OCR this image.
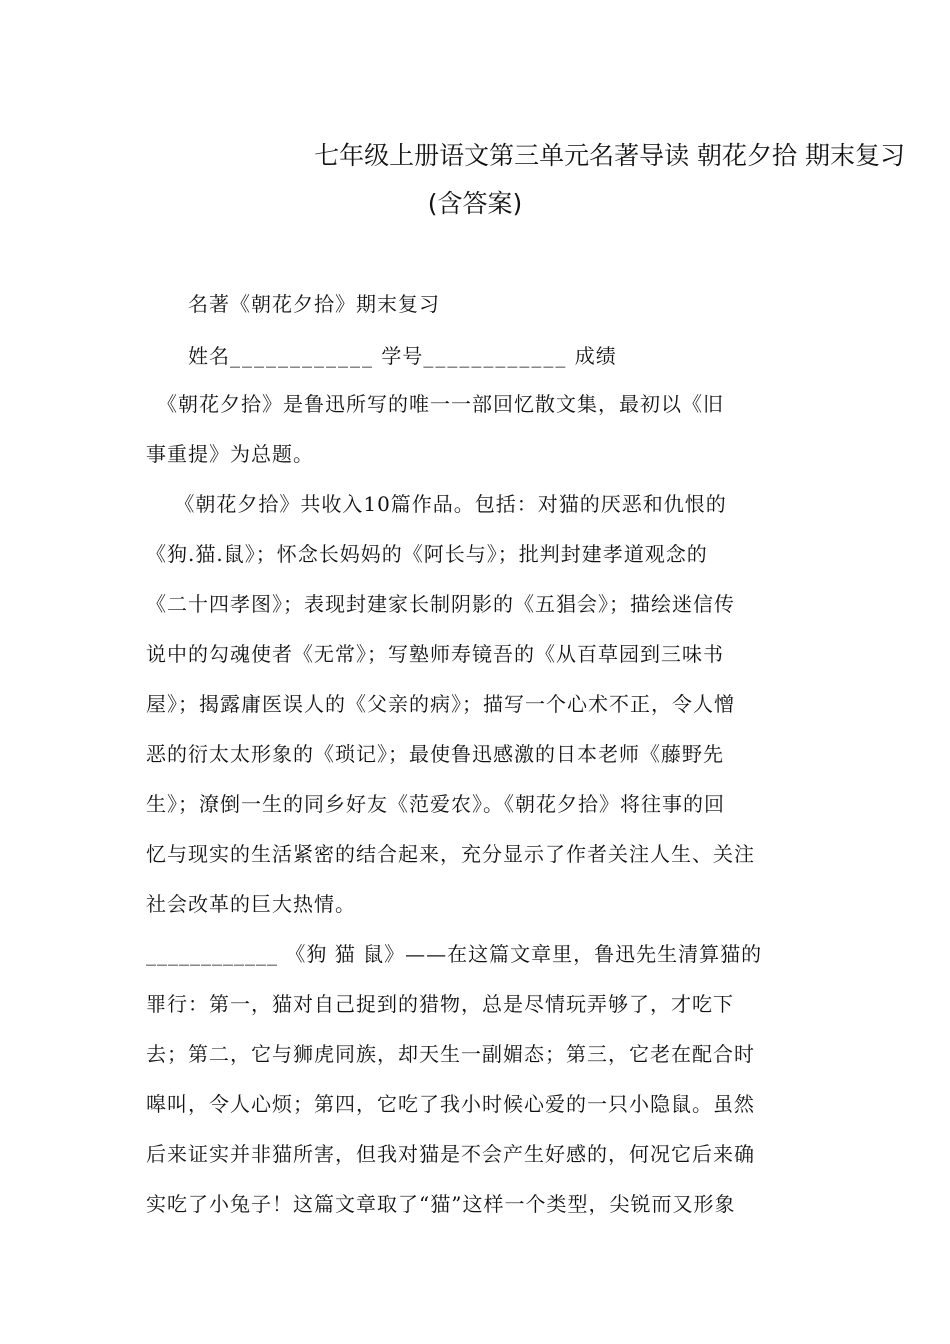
七年级上册语文第三单元名著导读 朝花夕拾 期末复习
(含答案)
名著《朝花夕拾》期末复习
姓名____________ 学号____________ 成绩
　《朝花夕拾》是鲁迅所写的唯一一部回忆散文集，最初以《旧
事重提》为总题。
　 《朝花夕拾》共收入10篇作品。包括：对猫的厌恶和仇恨的
《狗.猫.鼠》；怀念长妈妈的《阿长与》；批判封建孝道观念的
《二十四孝图》；表现封建家长制阴影的《五猖会》；描绘迷信传
说中的勾魂使者《无常》；写塾师寿镜吾的《从百草园到三味书
屋》；揭露庸医误人的《父亲的病》；描写一个心术不正，令人憎
恶的衍太太形象的《琐记》；最使鲁迅感激的日本老师《藤野先
生》；潦倒一生的同乡好友《范爱农》。《朝花夕拾》将往事的回
忆与现实的生活紧密的结合起来，充分显示了作者关注人生、关注
社会改革的巨大热情。
____________ 《狗 猫 鼠》——在这篇文章里，鲁迅先生清算猫的
罪行：第一，猫对自己捉到的猎物，总是尽情玩弄够了，才吃下
去；第二，它与狮虎同族，却天生一副媚态；第三，它老在配合时
嗥叫，令人心烦；第四，它吃了我小时候心爱的一只小隐鼠。虽然
后来证实并非猫所害，但我对猫是不会产生好感的，何况它后来确
实吃了小兔子！这篇文章取了“猫”这样一个类型，尖锐而又形象
